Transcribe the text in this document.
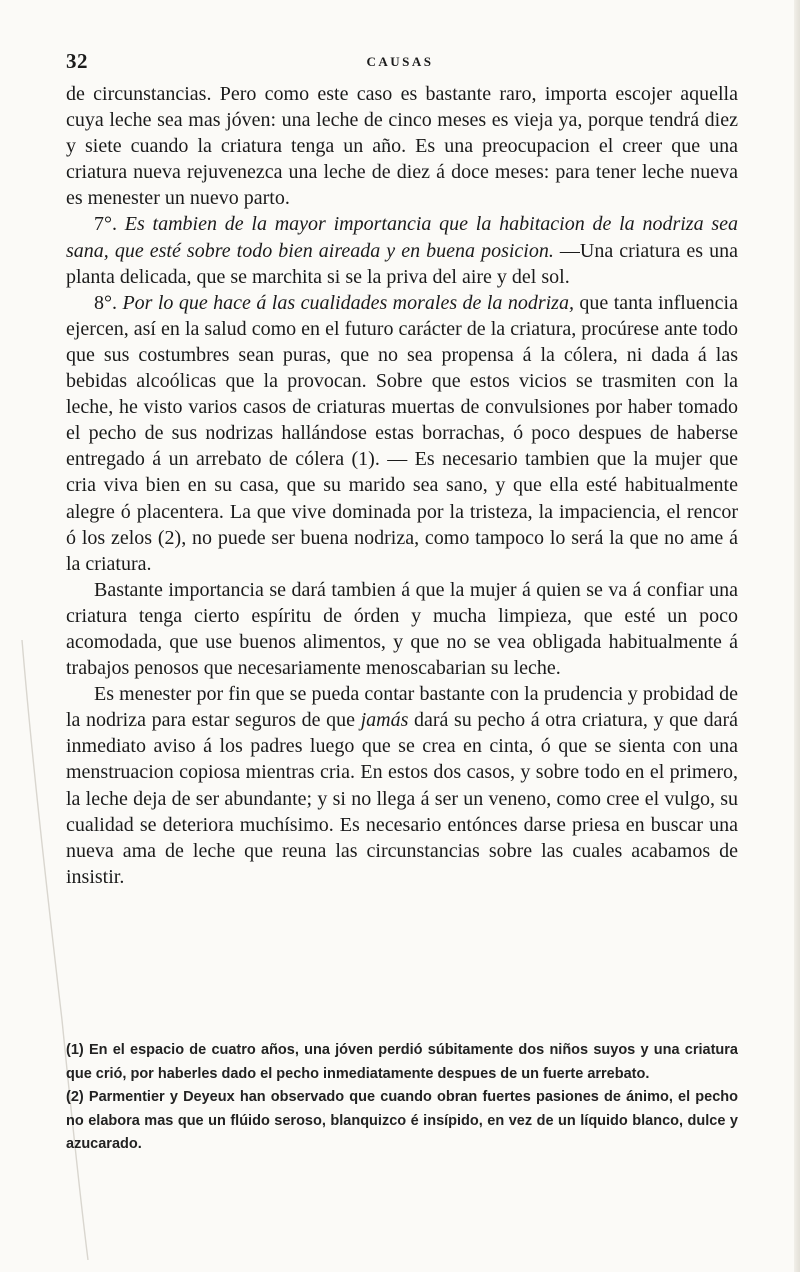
32	CAUSAS

de circunstancias. Pero como este caso es bastante raro, importa escojer aquella cuya leche sea mas jóven: una leche de cinco meses es vieja ya, porque tendrá diez y siete cuando la criatura tenga un año. Es una preocupacion el creer que una criatura nueva rejuvenezca una leche de diez á doce meses: para tener leche nueva es menester un nuevo parto.

7°. Es tambien de la mayor importancia que la habitacion de la nodriza sea sana, que esté sobre todo bien aireada y en buena posicion. —Una criatura es una planta delicada, que se marchita si se la priva del aire y del sol.

8°. Por lo que hace á las cualidades morales de la nodriza, que tanta influencia ejercen, así en la salud como en el futuro carácter de la criatura, procúrese ante todo que sus costumbres sean puras, que no sea propensa á la cólera, ni dada á las bebidas alcoólicas que la provocan. Sobre que estos vicios se trasmiten con la leche, he visto varios casos de criaturas muertas de convulsiones por haber tomado el pecho de sus nodrizas hallándose estas borrachas, ó poco despues de haberse entregado á un arrebato de cólera (1). — Es necesario tambien que la mujer que cria viva bien en su casa, que su marido sea sano, y que ella esté habitualmente alegre ó placentera. La que vive dominada por la tristeza, la impaciencia, el rencor ó los zelos (2), no puede ser buena nodriza, como tampoco lo será la que no ame á la criatura.

Bastante importancia se dará tambien á que la mujer á quien se va á confiar una criatura tenga cierto espíritu de órden y mucha limpieza, que esté un poco acomodada, que use buenos alimentos, y que no se vea obligada habitualmente á trabajos penosos que necesariamente menoscabarian su leche.

Es menester por fin que se pueda contar bastante con la prudencia y probidad de la nodriza para estar seguros de que jamás dará su pecho á otra criatura, y que dará inmediato aviso á los padres luego que se crea en cinta, ó que se sienta con una menstruacion copiosa mientras cria. En estos dos casos, y sobre todo en el primero, la leche deja de ser abundante; y si no llega á ser un veneno, como cree el vulgo, su cualidad se deteriora muchísimo. Es necesario entónces darse priesa en buscar una nueva ama de leche que reuna las circunstancias sobre las cuales acabamos de insistir.

(1) En el espacio de cuatro años, una jóven perdió súbitamente dos niños suyos y una criatura que crió, por haberles dado el pecho inmediatamente despues de un fuerte arrebato.

(2) Parmentier y Deyeux han observado que cuando obran fuertes pasiones de ánimo, el pecho no elabora mas que un flúido seroso, blanquizco é insípido, en vez de un líquido blanco, dulce y azucarado.
